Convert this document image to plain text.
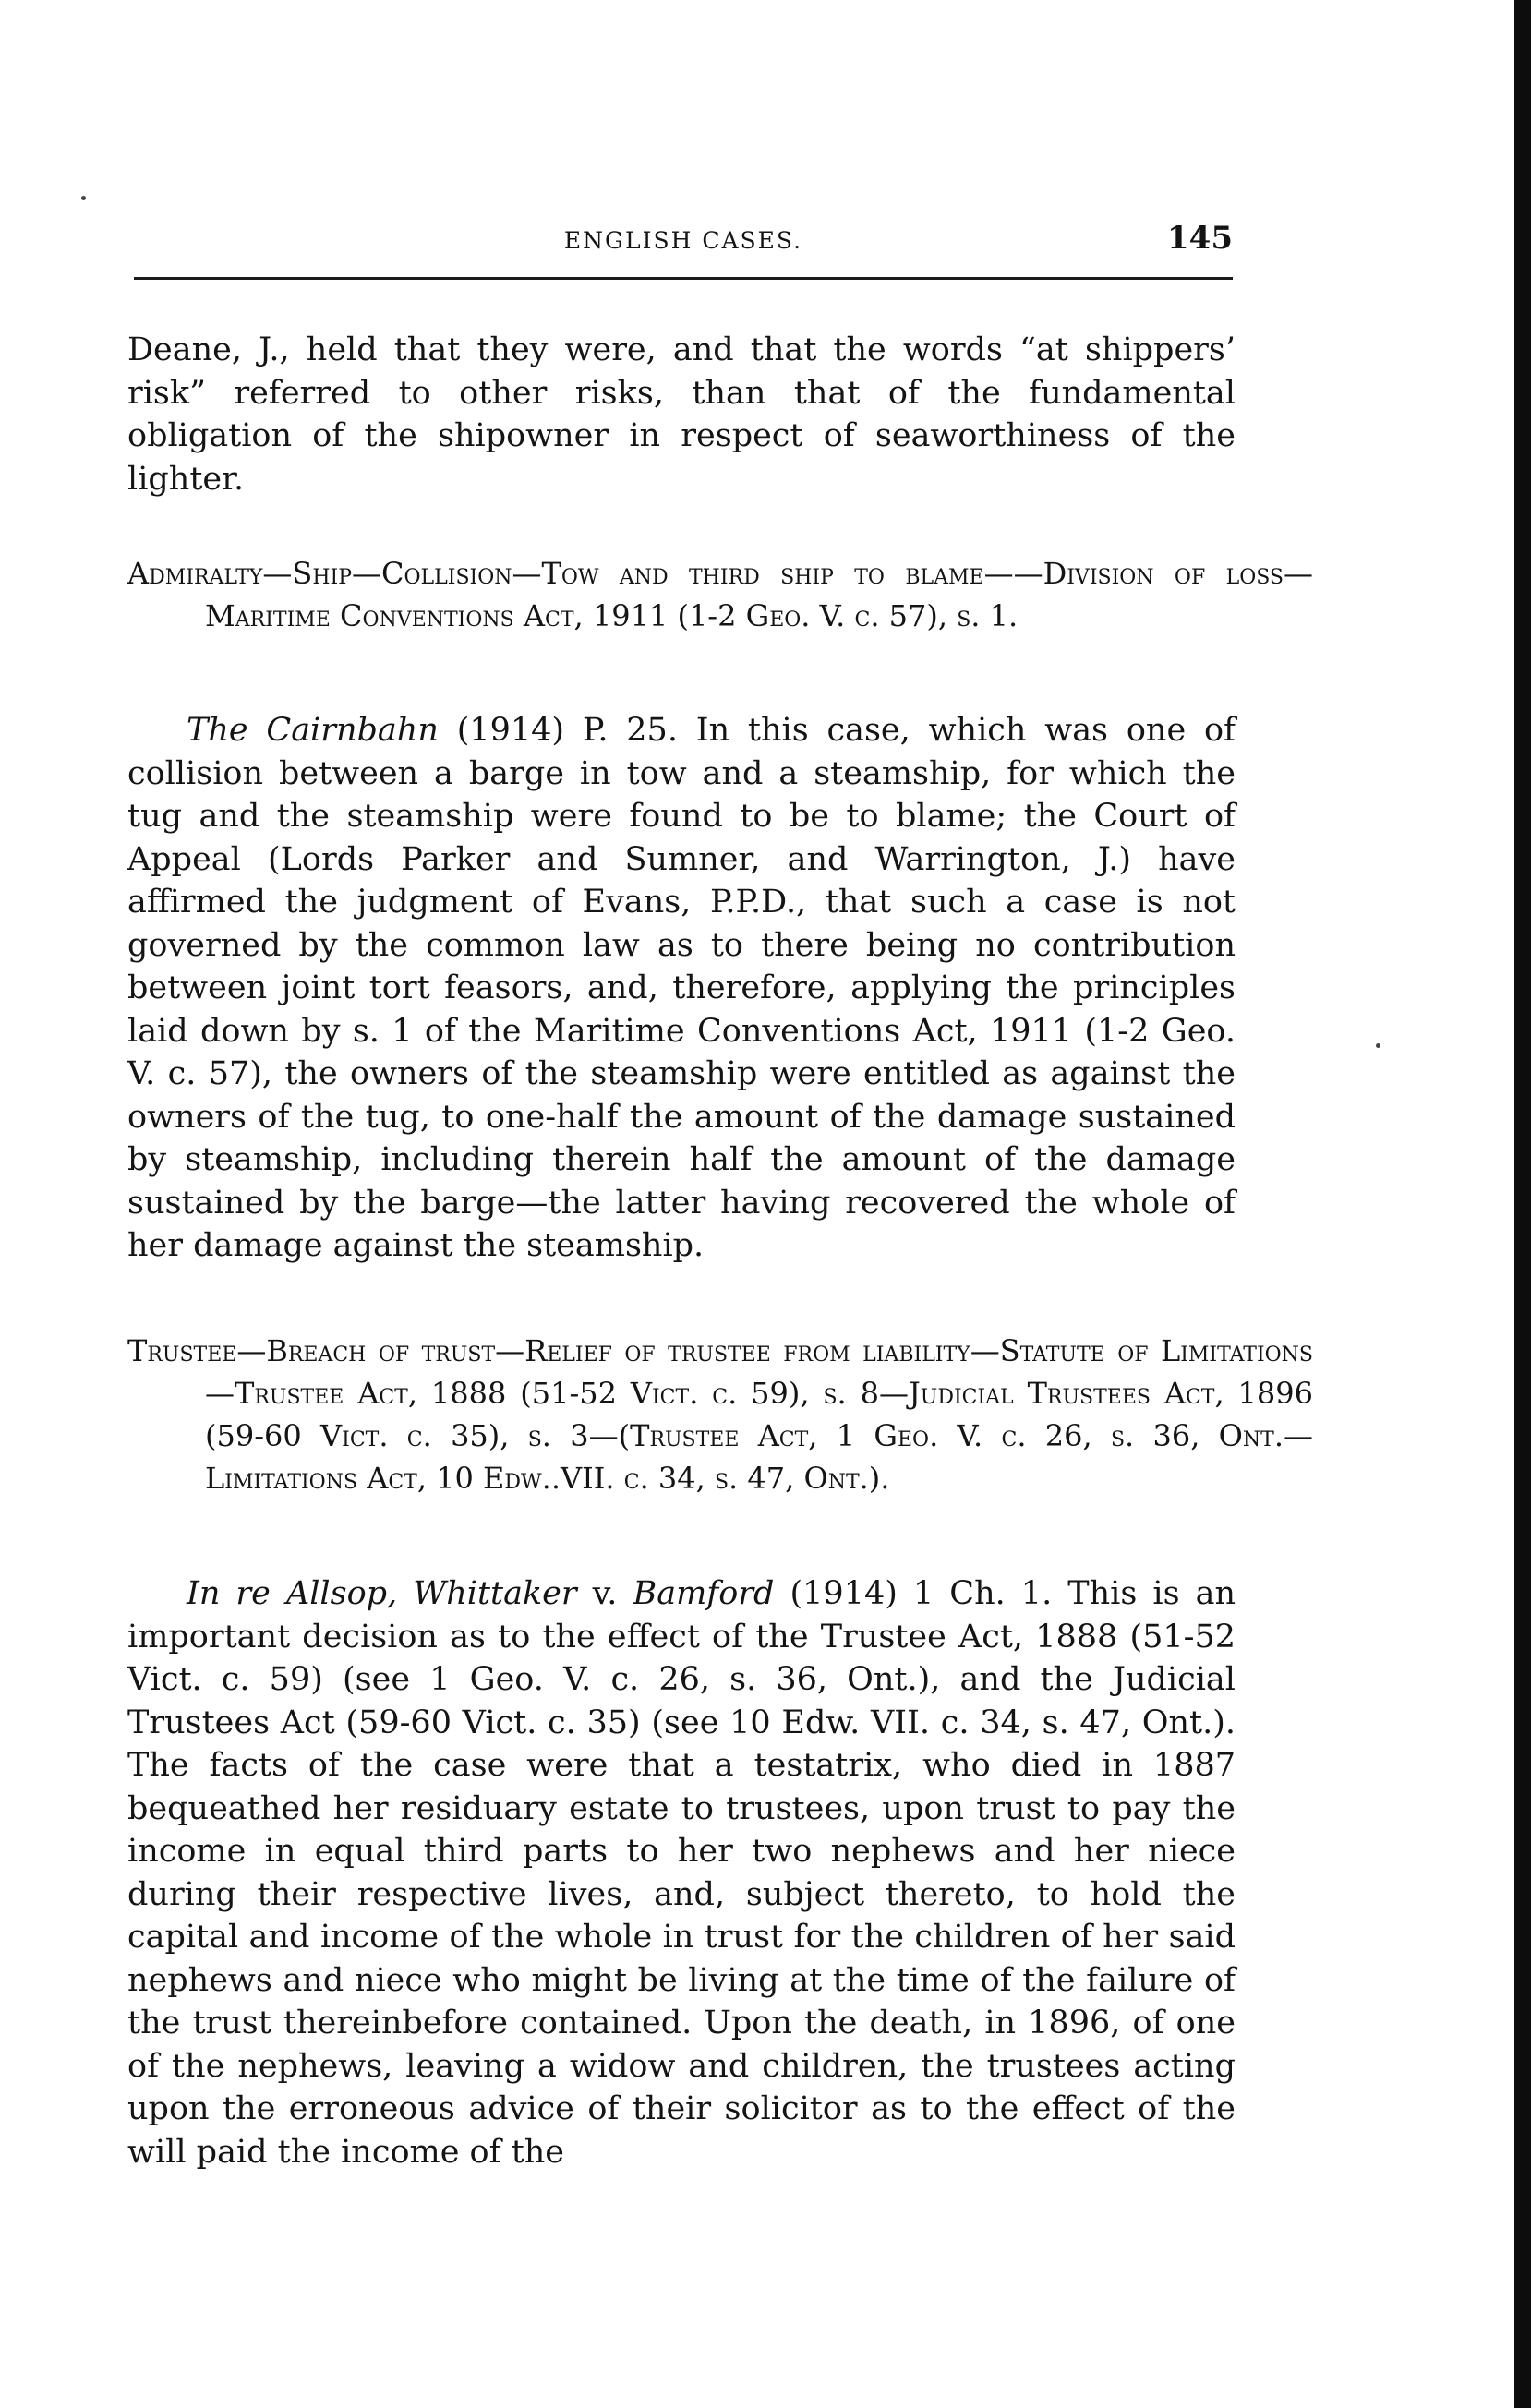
ENGLISH CASES.	145

Deane, J., held that they were, and that the words “at shippers’ risk” referred to other risks, than that of the fundamental obligation of the shipowner in respect of seaworthiness of the lighter.

Admiralty—Ship—Collision—Tow and third ship to blame——Division of loss—Maritime Conventions Act, 1911 (1-2 Geo. V. c. 57), s. 1.

The Cairnbahn (1914) P. 25. In this case, which was one of collision between a barge in tow and a steamship, for which the tug and the steamship were found to be to blame; the Court of Appeal (Lords Parker and Sumner, and Warrington, J.) have affirmed the judgment of Evans, P.P.D., that such a case is not governed by the common law as to there being no contribution between joint tort feasors, and, therefore, applying the principles laid down by s. 1 of the Maritime Conventions Act, 1911 (1-2 Geo. V. c. 57), the owners of the steamship were entitled as against the owners of the tug, to one-half the amount of the damage sustained by steamship, including therein half the amount of the damage sustained by the barge—the latter having recovered the whole of her damage against the steamship.

Trustee—Breach of trust—Relief of trustee from liability—Statute of Limitations—Trustee Act, 1888 (51-52 Vict. c. 59), s. 8—Judicial Trustees Act, 1896 (59-60 Vict. c. 35), s. 3—(Trustee Act, 1 Geo. V. c. 26, s. 36, Ont.—Limitations Act, 10 Edw..VII. c. 34, s. 47, Ont.).

In re Allsop, Whittaker v. Bamford (1914) 1 Ch. 1. This is an important decision as to the effect of the Trustee Act, 1888 (51-52 Vict. c. 59) (see 1 Geo. V. c. 26, s. 36, Ont.), and the Judicial Trustees Act (59-60 Vict. c. 35) (see 10 Edw. VII. c. 34, s. 47, Ont.). The facts of the case were that a testatrix, who died in 1887 bequeathed her residuary estate to trustees, upon trust to pay the income in equal third parts to her two nephews and her niece during their respective lives, and, subject thereto, to hold the capital and income of the whole in trust for the children of her said nephews and niece who might be living at the time of the failure of the trust thereinbefore contained. Upon the death, in 1896, of one of the nephews, leaving a widow and children, the trustees acting upon the erroneous advice of their solicitor as to the effect of the will paid the income of the
